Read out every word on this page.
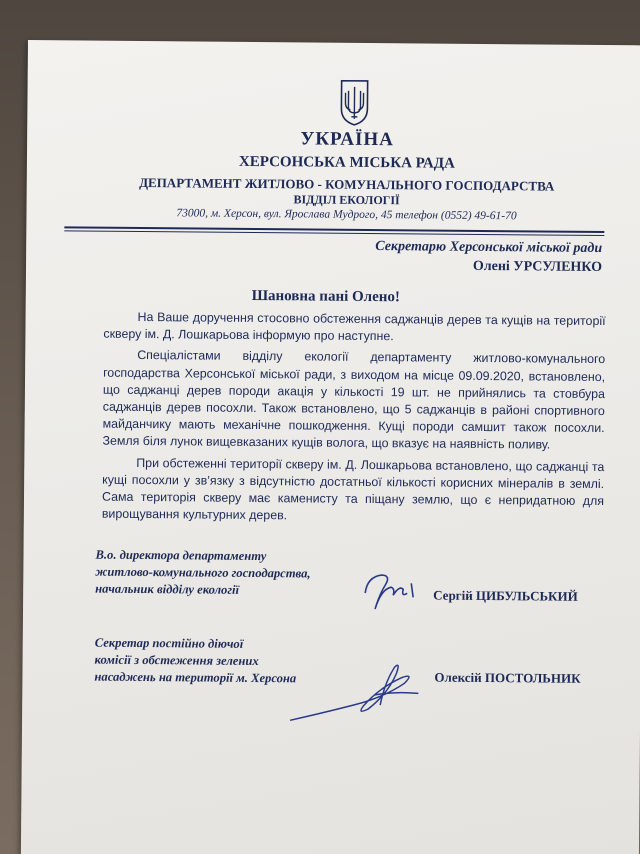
УКРАЇНА
ХЕРСОНСЬКА МІСЬКА РАДА
ДЕПАРТАМЕНТ ЖИТЛОВО - КОМУНАЛЬНОГО ГОСПОДАРСТВА
ВІДДІЛ ЕКОЛОГІЇ
73000, м. Херсон, вул. Ярослава Мудрого, 45 телефон (0552) 49-61-70
Секретарю Херсонської міської ради
Олені УРСУЛЕНКО
Шановна пані Олено!

На Ваше доручення стосовно обстеження саджанців дерев та кущів на території скверу ім. Д. Лошкарьова інформую про наступне.

Спеціалістами відділу екології департаменту житлово-комунального господарства Херсонської міської ради, з виходом на місце 09.09.2020, встановлено, що саджанці дерев породи акація у кількості 19 шт. не прийнялись та стовбура саджанців дерев посохли. Також встановлено, що 5 саджанців в районі спортивного майданчику мають механічне пошкодження. Кущі породи самшит також посохли. Земля біля лунок вищевказаних кущів волога, що вказує на наявність поливу.

При обстеженні території скверу ім. Д. Лошкарьова встановлено, що саджанці та кущі посохли у зв’язку з відсутністю достатньої кількості корисних мінералів в землі. Сама територія скверу має каменисту та піщану землю, що є непридатною для вирощування культурних дерев.

В.о. директора департаменту
житлово-комунального господарства,
начальник відділу екології	Сергій ЦИБУЛЬСЬКИЙ
Секретар постійно діючої
комісії з обстеження зелених
насаджень на території м. Херсона	Олексій ПОСТОЛЬНИК
